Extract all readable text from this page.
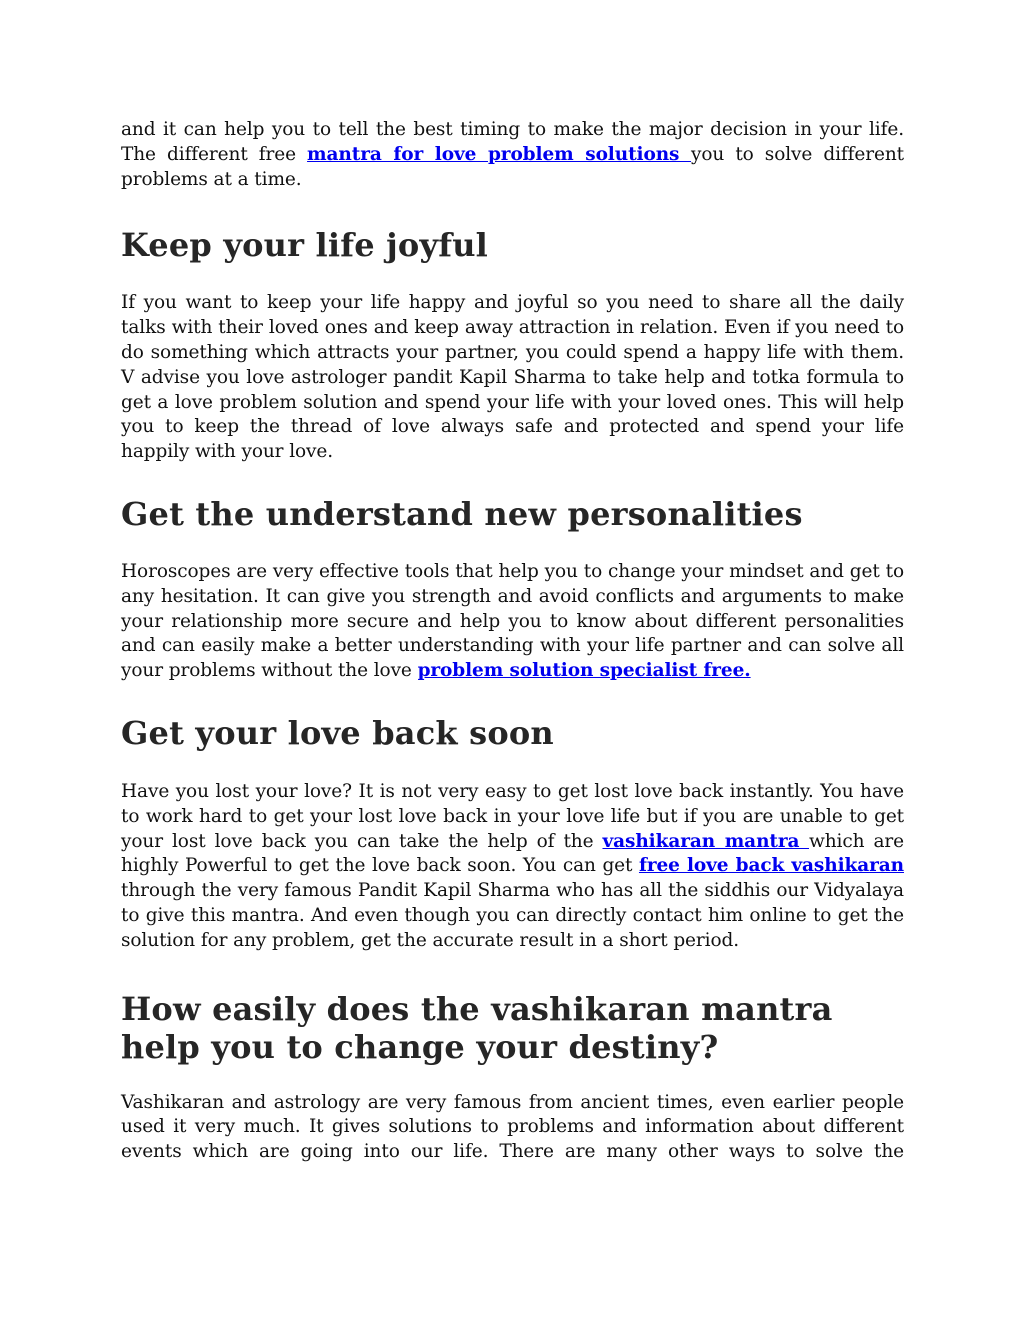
and it can help you to tell the best timing to make the major decision in your life. The different free mantra for love problem solutions you to solve different problems at a time.

Keep your life joyful

If you want to keep your life happy and joyful so you need to share all the daily talks with their loved ones and keep away attraction in relation. Even if you need to do something which attracts your partner, you could spend a happy life with them. V advise you love astrologer pandit Kapil Sharma to take help and totka formula to get a love problem solution and spend your life with your loved ones. This will help you to keep the thread of love always safe and protected and spend your life happily with your love.

Get the understand new personalities

Horoscopes are very effective tools that help you to change your mindset and get to any hesitation. It can give you strength and avoid conflicts and arguments to make your relationship more secure and help you to know about different personalities and can easily make a better understanding with your life partner and can solve all your problems without the love problem solution specialist free.

Get your love back soon

Have you lost your love? It is not very easy to get lost love back instantly. You have to work hard to get your lost love back in your love life but if you are unable to get your lost love back you can take the help of the vashikaran mantra which are highly Powerful to get the love back soon. You can get free love back vashikaran through the very famous Pandit Kapil Sharma who has all the siddhis our Vidyalaya to give this mantra. And even though you can directly contact him online to get the solution for any problem, get the accurate result in a short period.

How easily does the vashikaran mantra help you to change your destiny?

Vashikaran and astrology are very famous from ancient times, even earlier people used it very much. It gives solutions to problems and information about different events which are going into our life. There are many other ways to solve the
